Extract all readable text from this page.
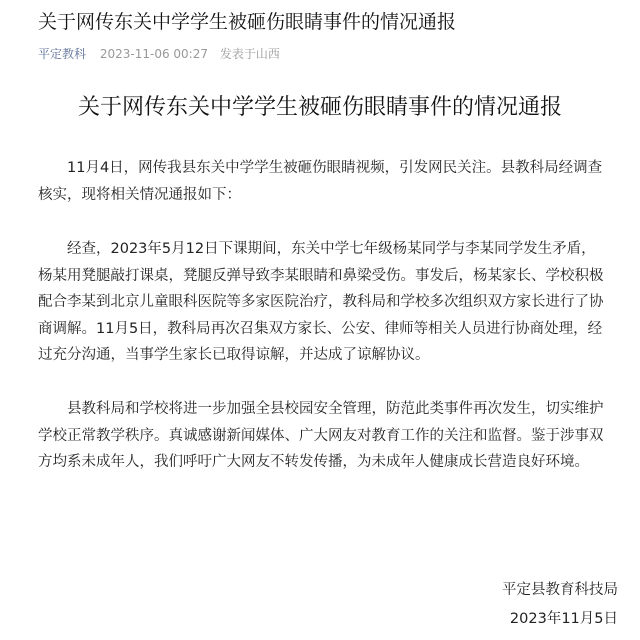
关于网传东关中学学生被砸伤眼睛事件的情况通报
平定教科 2023-11-06 00:27 发表于山西
关于网传东关中学学生被砸伤眼睛事件的情况通报

11月4日，网传我县东关中学学生被砸伤眼睛视频，引发网民关注。县教科局经调查核实，现将相关情况通报如下：

经查，2023年5月12日下课期间，东关中学七年级杨某同学与李某同学发生矛盾，杨某用凳腿敲打课桌，凳腿反弹导致李某眼睛和鼻梁受伤。事发后，杨某家长、学校积极配合李某到北京儿童眼科医院等多家医院治疗，教科局和学校多次组织双方家长进行了协商调解。11月5日，教科局再次召集双方家长、公安、律师等相关人员进行协商处理，经过充分沟通，当事学生家长已取得谅解，并达成了谅解协议。

县教科局和学校将进一步加强全县校园安全管理，防范此类事件再次发生，切实维护学校正常教学秩序。真诚感谢新闻媒体、广大网友对教育工作的关注和监督。鉴于涉事双方均系未成年人，我们呼吁广大网友不转发传播，为未成年人健康成长营造良好环境。

平定县教育科技局
2023年11月5日
